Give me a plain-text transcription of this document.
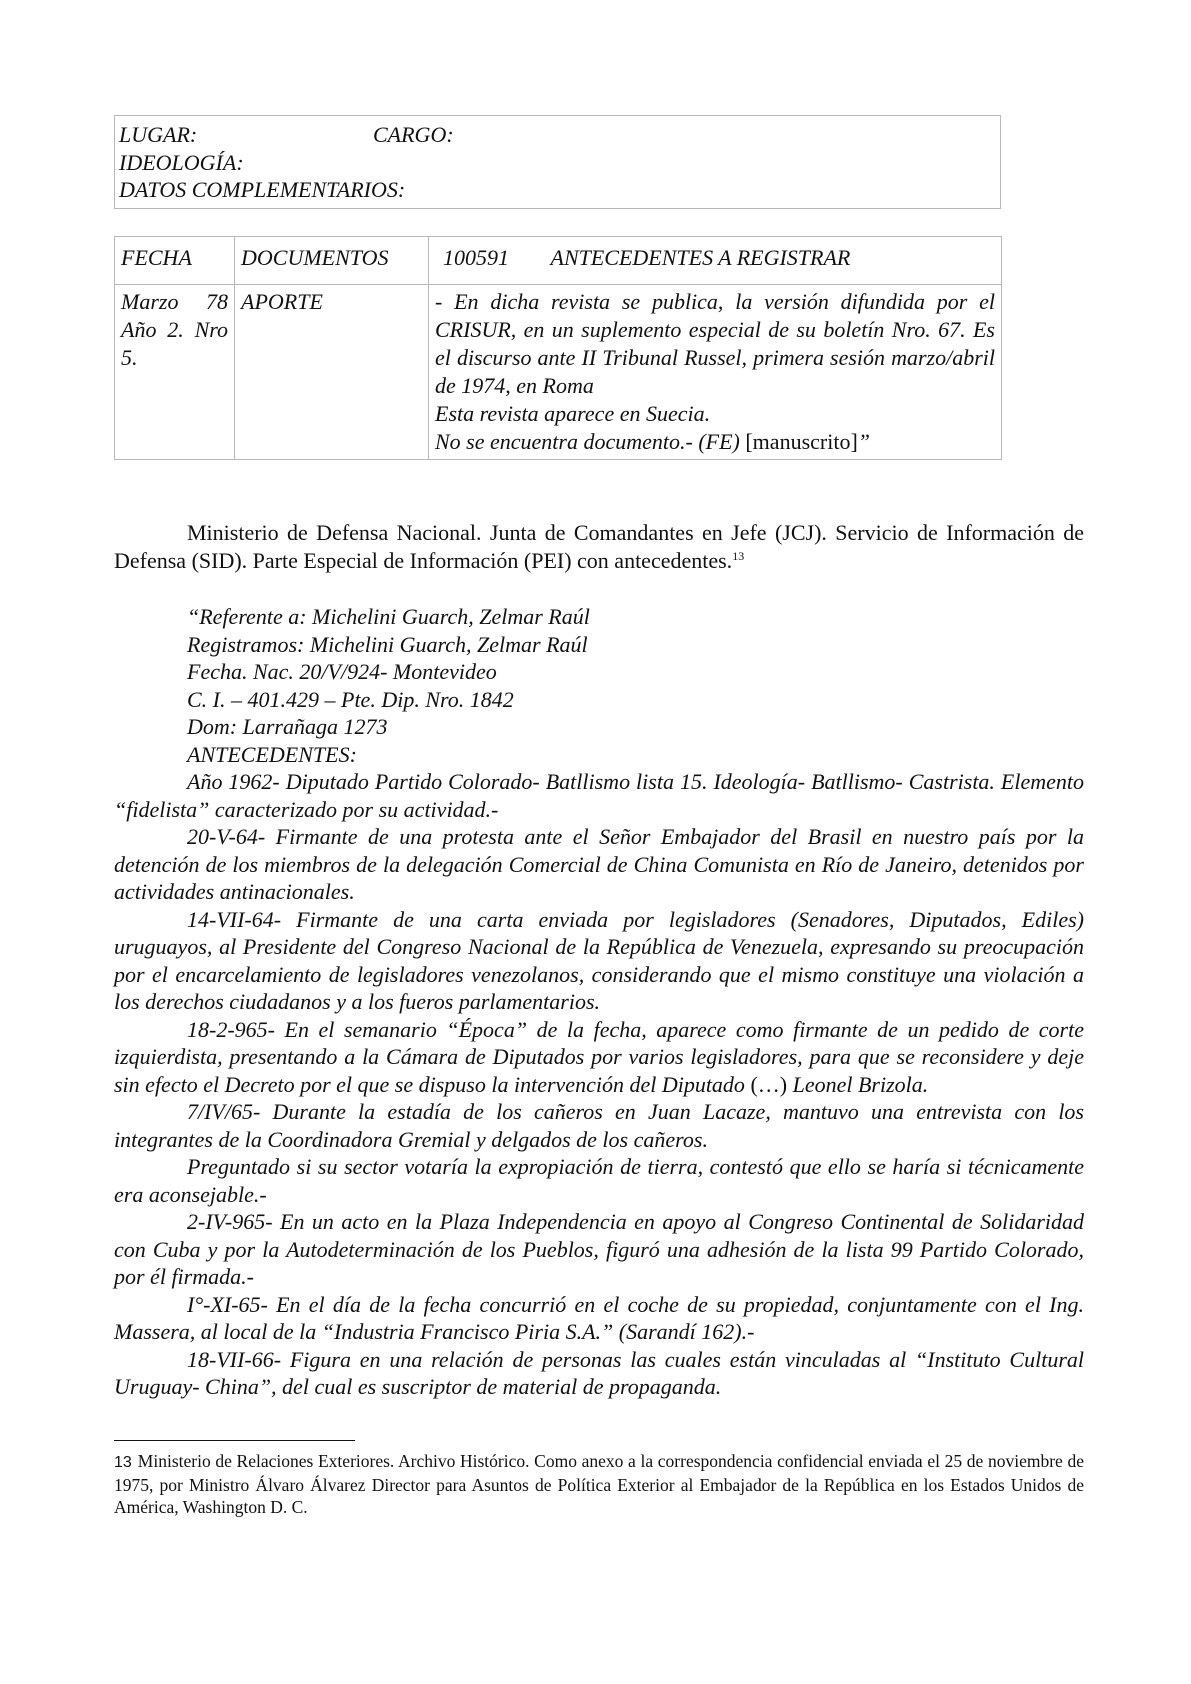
LUGAR:	CARGO:
IDEOLOGÍA:
DATOS COMPLEMENTARIOS:
FECHA	DOCUMENTOS	100591 ANTECEDENTES A REGISTRAR
Marzo 78 Año 2. Nro 5.	APORTE	- En dicha revista se publica, la versión difundida por el CRISUR, en un suplemento especial de su boletín Nro. 67. Es el discurso ante II Tribunal Russel, primera sesión marzo/abril de 1974, en Roma
Esta revista aparece en Suecia.
No se encuentra documento.- (FE) [manuscrito]”
Ministerio de Defensa Nacional. Junta de Comandantes en Jefe (JCJ). Servicio de Información de Defensa (SID). Parte Especial de Información (PEI) con antecedentes.$^{13}$
“Referente a: Michelini Guarch, Zelmar Raúl
Registramos: Michelini Guarch, Zelmar Raúl
Fecha. Nac. 20/V/924- Montevideo
C. I. – 401.429 – Pte. Dip. Nro. 1842
Dom: Larrañaga 1273
ANTECEDENTES:

Año 1962- Diputado Partido Colorado- Batllismo lista 15. Ideología- Batllismo- Castrista. Elemento “fidelista” caracterizado por su actividad.-

20-V-64- Firmante de una protesta ante el Señor Embajador del Brasil en nuestro país por la detención de los miembros de la delegación Comercial de China Comunista en Río de Janeiro, detenidos por actividades antinacionales.

14-VII-64- Firmante de una carta enviada por legisladores (Senadores, Diputados, Ediles) uruguayos, al Presidente del Congreso Nacional de la República de Venezuela, expresando su preocupación por el encarcelamiento de legisladores venezolanos, considerando que el mismo constituye una violación a los derechos ciudadanos y a los fueros parlamentarios.

18-2-965- En el semanario “Época” de la fecha, aparece como firmante de un pedido de corte izquierdista, presentando a la Cámara de Diputados por varios legisladores, para que se reconsidere y deje sin efecto el Decreto por el que se dispuso la intervención del Diputado (…) Leonel Brizola.

7/IV/65- Durante la estadía de los cañeros en Juan Lacaze, mantuvo una entrevista con los integrantes de la Coordinadora Gremial y delgados de los cañeros.

Preguntado si su sector votaría la expropiación de tierra, contestó que ello se haría si técnicamente era aconsejable.-

2-IV-965- En un acto en la Plaza Independencia en apoyo al Congreso Continental de Solidaridad con Cuba y por la Autodeterminación de los Pueblos, figuró una adhesión de la lista 99 Partido Colorado, por él firmada.-

I°-XI-65- En el día de la fecha concurrió en el coche de su propiedad, conjuntamente con el Ing. Massera, al local de la “Industria Francisco Piria S.A.” (Sarandí 162).-

18-VII-66- Figura en una relación de personas las cuales están vinculadas al “Instituto Cultural Uruguay- China”, del cual es suscriptor de material de propaganda.

13 Ministerio de Relaciones Exteriores. Archivo Histórico. Como anexo a la correspondencia confidencial enviada el 25 de noviembre de 1975, por Ministro Álvaro Álvarez Director para Asuntos de Política Exterior al Embajador de la República en los Estados Unidos de América, Washington D. C.
